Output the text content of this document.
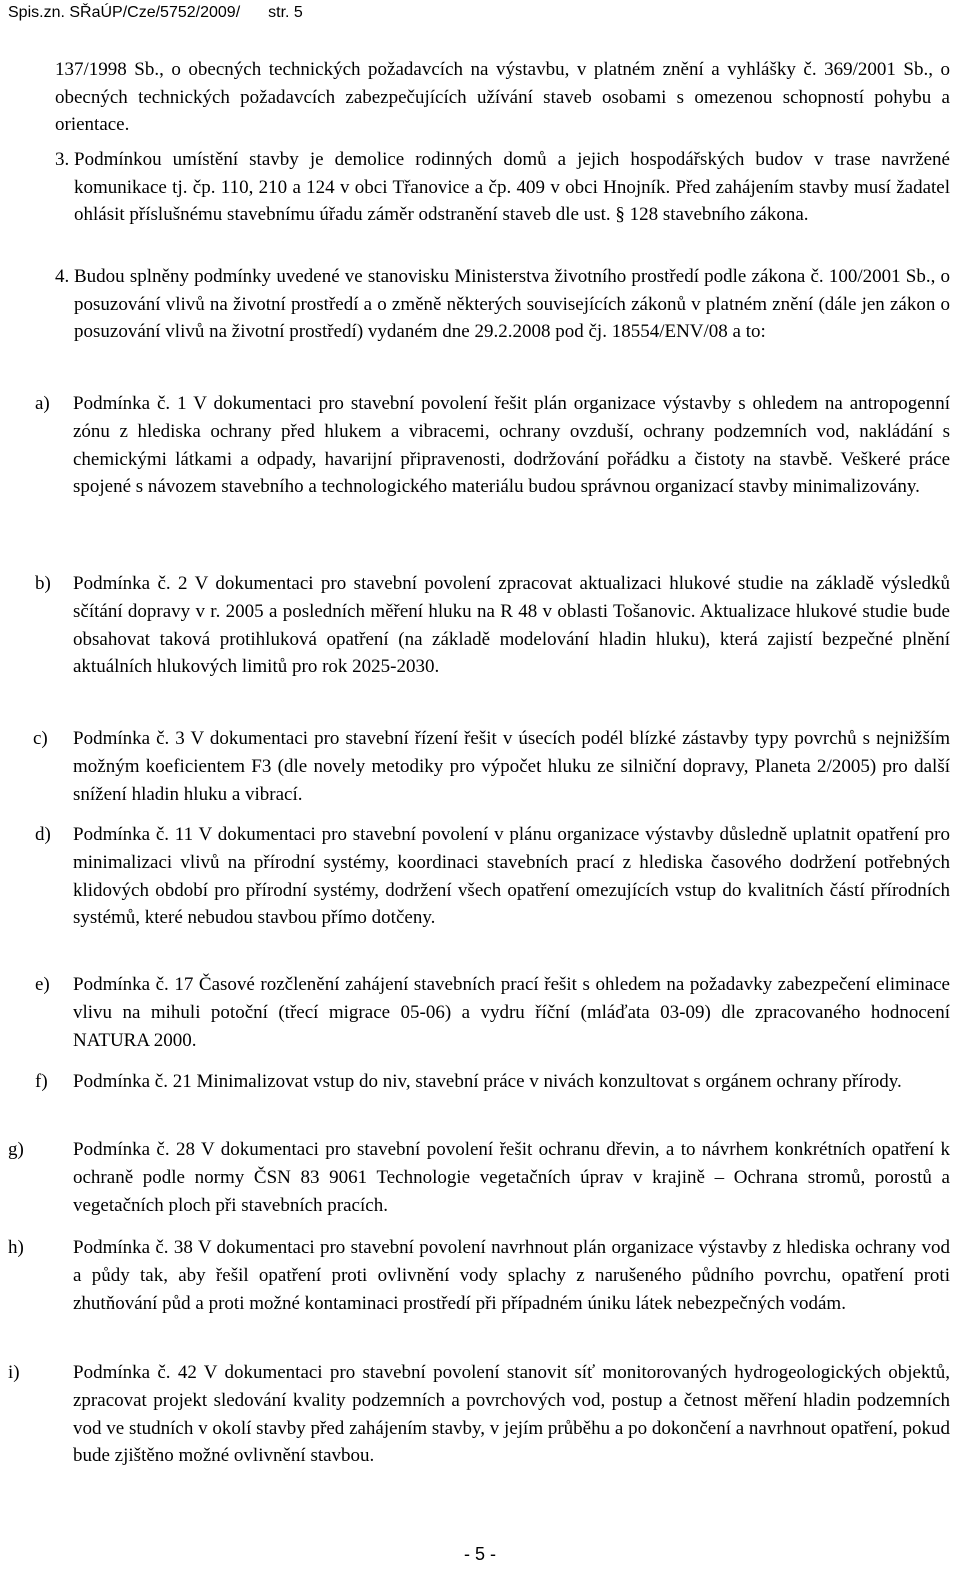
Spis.zn. SŘaÚP/Cze/5752/2009/ str. 5
137/1998 Sb., o obecných technických požadavcích na výstavbu, v platném znění a vyhlášky č. 369/2001 Sb., o obecných technických požadavcích zabezpečujících užívání staveb osobami s omezenou schopností pohybu a orientace.
3. Podmínkou umístění stavby je demolice rodinných domů a jejich hospodářských budov v trase navržené komunikace tj. čp. 110, 210 a 124 v obci Třanovice a čp. 409 v obci Hnojník. Před zahájením stavby musí žadatel ohlásit příslušnému stavebnímu úřadu záměr odstranění staveb dle ust. § 128 stavebního zákona.
4. Budou splněny podmínky uvedené ve stanovisku Ministerstva životního prostředí podle zákona č. 100/2001 Sb., o posuzování vlivů na životní prostředí a o změně některých souvisejících zákonů v platném znění (dále jen zákon o posuzování vlivů na životní prostředí) vydaném dne 29.2.2008 pod čj. 18554/ENV/08 a to:
a) Podmínka č. 1 V dokumentaci pro stavební povolení řešit plán organizace výstavby s ohledem na antropogenní zónu z hlediska ochrany před hlukem a vibracemi, ochrany ovzduší, ochrany podzemních vod, nakládání s chemickými látkami a odpady, havarijní připravenosti, dodržování pořádku a čistoty na stavbě. Veškeré práce spojené s návozem stavebního a technologického materiálu budou správnou organizací stavby minimalizovány.
b) Podmínka č. 2 V dokumentaci pro stavební povolení zpracovat aktualizaci hlukové studie na základě výsledků sčítání dopravy v r. 2005 a posledních měření hluku na R 48 v oblasti Tošanovic. Aktualizace hlukové studie bude obsahovat taková protihluková opatření (na základě modelování hladin hluku), která zajistí bezpečné plnění aktuálních hlukových limitů pro rok 2025-2030.
c) Podmínka č. 3 V dokumentaci pro stavební řízení řešit v úsecích podél blízké zástavby typy povrchů s nejnižším možným koeficientem F3 (dle novely metodiky pro výpočet hluku ze silniční dopravy, Planeta 2/2005) pro další snížení hladin hluku a vibrací.
d) Podmínka č. 11 V dokumentaci pro stavební povolení v plánu organizace výstavby důsledně uplatnit opatření pro minimalizaci vlivů na přírodní systémy, koordinaci stavebních prací z hlediska časového dodržení potřebných klidových období pro přírodní systémy, dodržení všech opatření omezujících vstup do kvalitních částí přírodních systémů, které nebudou stavbou přímo dotčeny.
e) Podmínka č. 17 Časové rozčlenění zahájení stavebních prací řešit s ohledem na požadavky zabezpečení eliminace vlivu na mihuli potoční (třecí migrace 05-06) a vydru říční (mláďata 03-09) dle zpracovaného hodnocení NATURA 2000.
f) Podmínka č. 21 Minimalizovat vstup do niv, stavební práce v nivách konzultovat s orgánem ochrany přírody.
g)	Podmínka č. 28 V dokumentaci pro stavební povolení řešit ochranu dřevin, a to návrhem konkrétních opatření k ochraně podle normy ČSN 83 9061 Technologie vegetačních úprav v krajině – Ochrana stromů, porostů a vegetačních ploch při stavebních pracích.
h)	Podmínka č. 38 V dokumentaci pro stavební povolení navrhnout plán organizace výstavby z hlediska ochrany vod a půdy tak, aby řešil opatření proti ovlivnění vody splachy z narušeného půdního povrchu, opatření proti zhutňování půd a proti možné kontaminaci prostředí při případném úniku látek nebezpečných vodám.
i)	Podmínka č. 42 V dokumentaci pro stavební povolení stanovit síť monitorovaných hydrogeologických objektů, zpracovat projekt sledování kvality podzemních a povrchových vod, postup a četnost měření hladin podzemních vod ve studních v okolí stavby před zahájením stavby, v jejím průběhu a po dokončení a navrhnout opatření, pokud bude zjištěno možné ovlivnění stavbou.
- 5 -
